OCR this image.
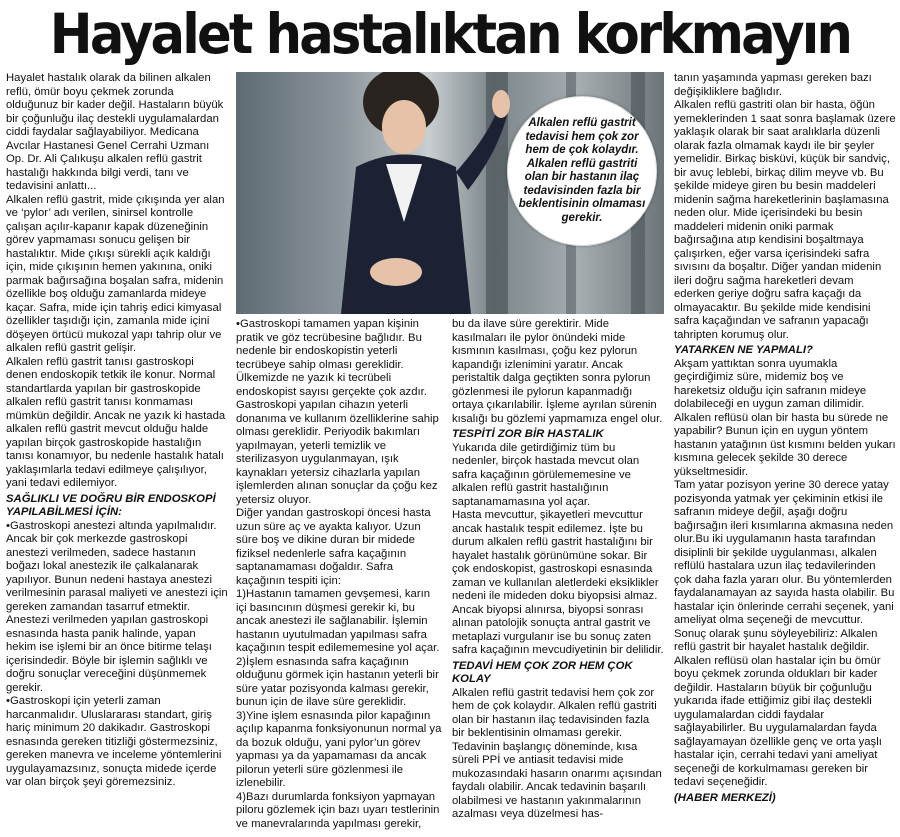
Hayalet hastalıktan korkmayın

Hayalet hastalık olarak da bilinen alkalen reflü, ömür boyu çekmek zorunda olduğunuz bir kader değil. Hastaların büyük bir çoğunluğu ilaç destekli uygulamalardan ciddi faydalar sağlayabiliyor. Medicana Avcılar Hastanesi Genel Cerrahi Uzmanı Op. Dr. Ali Çalıkuşu alkalen reflü gastrit hastalığı hakkında bilgi verdi, tanı ve tedavisini anlattı...

Alkalen reflü gastrit, mide çıkışında yer alan ve ‘pylor’ adı verilen, sinirsel kontrolle çalışan açılır-kapanır kapak düzeneğinin görev yapmaması sonucu gelişen bir hastalıktır. Mide çıkışı sürekli açık kaldığı için, mide çıkışının hemen yakınına, oniki parmak bağırsağına boşalan safra, midenin özellikle boş olduğu zamanlarda mideye kaçar. Safra, mide için tahriş edici kimyasal özellikler taşıdığı için, zamanla mide içini döşeyen örtücü mukozal yapı tahrip olur ve alkalen reflü gastrit gelişir.

Alkalen reflü gastrit tanısı gastroskopi denen endoskopik tetkik ile konur. Normal standartlarda yapılan bir gastroskopide alkalen reflü gastrit tanısı konmaması mümkün değildir. Ancak ne yazık ki hastada alkalen reflü gastrit mevcut olduğu halde yapılan birçok gastroskopide hastalığın tanısı konamıyor, bu nedenle hastalık hatalı yaklaşımlarla tedavi edilmeye çalışılıyor, yani tedavi edilemiyor.

SAĞLIKLI VE DOĞRU BİR ENDOSKOPİ YAPILABİLMESİ İÇİN:

•Gastroskopi anestezi altında yapılmalıdır. Ancak bir çok merkezde gastroskopi anestezi verilmeden, sadece hastanın boğazı lokal anestezik ile çalkalanarak yapılıyor. Bunun nedeni hastaya anestezi verilmesinin parasal maliyeti ve anestezi için gereken zamandan tasarruf etmektir. Anestezi verilmeden yapılan gastroskopi esnasında hasta panik halinde, yapan hekim ise işlemi bir an önce bitirme telaşı içerisindedir. Böyle bir işlemin sağlıklı ve doğru sonuçlar vereceğini düşünmemek gerekir.

•Gastroskopi için yeterli zaman harcanmalıdır. Uluslararası standart, giriş hariç minimum 20 dakikadır. Gastroskopi esnasında gereken titizliği göstermezsiniz, gereken manevra ve inceleme yöntemlerini uygulayamazsınız, sonuçta midede içerde var olan birçok şeyi göremezsiniz.

Alkalen reflü gastrit tedavisi hem çok zor hem de çok kolaydır. Alkalen reflü gastriti olan bir hastanın ilaç tedavisinden fazla bir beklentisinin olmaması gerekir.

•Gastroskopi tamamen yapan kişinin pratik ve göz tecrübesine bağlıdır. Bu nedenle bir endoskopistin yeterli tecrübeye sahip olması gereklidir. Ülkemizde ne yazık ki tecrübeli endoskopist sayısı gerçekte çok azdır.

Gastroskopi yapılan cihazın yeterli donanıma ve kullanım özelliklerine sahip olması gereklidir. Periyodik bakımları yapılmayan, yeterli temizlik ve sterilizasyon uygulanmayan, ışık kaynakları yetersiz cihazlarla yapılan işlemlerden alınan sonuçlar da çoğu kez yetersiz oluyor.

Diğer yandan gastroskopi öncesi hasta uzun süre aç ve ayakta kalıyor. Uzun süre boş ve dikine duran bir midede fiziksel nedenlerle safra kaçağının saptanamaması doğaldır. Safra kaçağının tespiti için:

1)Hastanın tamamen gevşemesi, karın içi basıncının düşmesi gerekir ki, bu ancak anestezi ile sağlanabilir. İşlemin hastanın uyutulmadan yapılması safra kaçağının tespit edilememesine yol açar.

2)İşlem esnasında safra kaçağının olduğunu görmek için hastanın yeterli bir süre yatar pozisyonda kalması gerekir, bunun için de ilave süre gereklidir.

3)Yine işlem esnasında pilor kapağının açılıp kapanma fonksiyonunun normal ya da bozuk olduğu, yani pylor’un görev yapması ya da yapamaması da ancak pilorun yeterli süre gözlenmesi ile izlenebilir.

4)Bazı durumlarda fonksiyon yapmayan piloru gözlemek için bazı uyarı testlerinin ve manevralarında yapılması gerekir,

bu da ilave süre gerektirir. Mide kasılmaları ile pylor önündeki mide kısmının kasılması, çoğu kez pylorun kapandığı izlenimini yaratır. Ancak peristaltik dalga geçtikten sonra pylorun gözlenmesi ile pylorun kapanmadığı ortaya çıkarılabilir. İşleme ayrılan sürenin kısalığı bu gözlemi yapmamıza engel olur.

TESPİTİ ZOR BİR HASTALIK

Yukarıda dile getirdiğimiz tüm bu nedenler, birçok hastada mevcut olan safra kaçağının görülememesine ve alkalen reflü gastrit hastalığının saptanamamasına yol açar.

Hasta mevcuttur, şikayetleri mevcuttur ancak hastalık tespit edilemez. İşte bu durum alkalen reflü gastrit hastalığını bir hayalet hastalık görünümüne sokar. Bir çok endoskopist, gastroskopi esnasında zaman ve kullanılan aletlerdeki eksiklikler nedeni ile mideden doku biyopsisi almaz. Ancak biyopsi alınırsa, biyopsi sonrası alınan patolojik sonuçta antral gastrit ve metaplazi vurgulanır ise bu sonuç zaten safra kaçağının mevcudiyetinin bir delilidir.

TEDAVİ HEM ÇOK ZOR HEM ÇOK KOLAY

Alkalen reflü gastrit tedavisi hem çok zor hem de çok kolaydır. Alkalen reflü gastriti olan bir hastanın ilaç tedavisinden fazla bir beklentisinin olmaması gerekir. Tedavinin başlangıç döneminde, kısa süreli PPİ ve antiasit tedavisi mide mukozasındaki hasarın onarımı açısından faydalı olabilir. Ancak tedavinin başarılı olabilmesi ve hastanın yakınmalarının azalması veya düzelmesi has-

tanın yaşamında yapması gereken bazı değişikliklere bağlıdır.

Alkalen reflü gastriti olan bir hasta, öğün yemeklerinden 1 saat sonra başlamak üzere yaklaşık olarak bir saat aralıklarla düzenli olarak fazla olmamak kaydı ile bir şeyler yemelidir. Birkaç bisküvi, küçük bir sandviç, bir avuç leblebi, birkaç dilim meyve vb. Bu şekilde mideye giren bu besin maddeleri midenin sağma hareketlerinin başlamasına neden olur. Mide içerisindeki bu besin maddeleri midenin oniki parmak bağırsağına atıp kendisini boşaltmaya çalışırken, eğer varsa içerisindeki safra sıvısını da boşaltır. Diğer yandan midenin ileri doğru sağma hareketleri devam ederken geriye doğru safra kaçağı da olmayacaktır. Bu şekilde mide kendisini safra kaçağından ve safranın yapacağı tahripten korumuş olur.

YATARKEN NE YAPMALI?

Akşam yattıktan sonra uyumakla geçirdiğimiz süre, midemiz boş ve hareketsiz olduğu için safranın mideye dolabileceği en uygun zaman dilimidir. Alkalen reflüsü olan bir hasta bu sürede ne yapabilir? Bunun için en uygun yöntem hastanın yatağının üst kısmını belden yukarı kısmına gelecek şekilde 30 derece yükseltmesidir.

Tam yatar pozisyon yerine 30 derece yatay pozisyonda yatmak yer çekiminin etkisi ile safranın mideye değil, aşağı doğru bağırsağın ileri kısımlarına akmasına neden olur.Bu iki uygulamanın hasta tarafından disiplinli bir şekilde uygulanması, alkalen reflülü hastalara uzun ilaç tedavilerinden çok daha fazla yararı olur. Bu yöntemlerden faydalanamayan az sayıda hasta olabilir. Bu hastalar için önlerinde cerrahi seçenek, yani ameliyat olma seçeneği de mevcuttur. Sonuç olarak şunu söyleyebiliriz: Alkalen reflü gastrit bir hayalet hastalık değildir. Alkalen reflüsü olan hastalar için bu ömür boyu çekmek zorunda oldukları bir kader değildir. Hastaların büyük bir çoğunluğu yukarıda ifade ettiğimiz gibi ilaç destekli uygulamalardan ciddi faydalar sağlayabilirler. Bu uygulamalardan fayda sağlayamayan özellikle genç ve orta yaşlı hastalar için, cerrahi tedavi yani ameliyat seçeneği de korkulmaması gereken bir tedavi seçeneğidir.

(HABER MERKEZİ)
